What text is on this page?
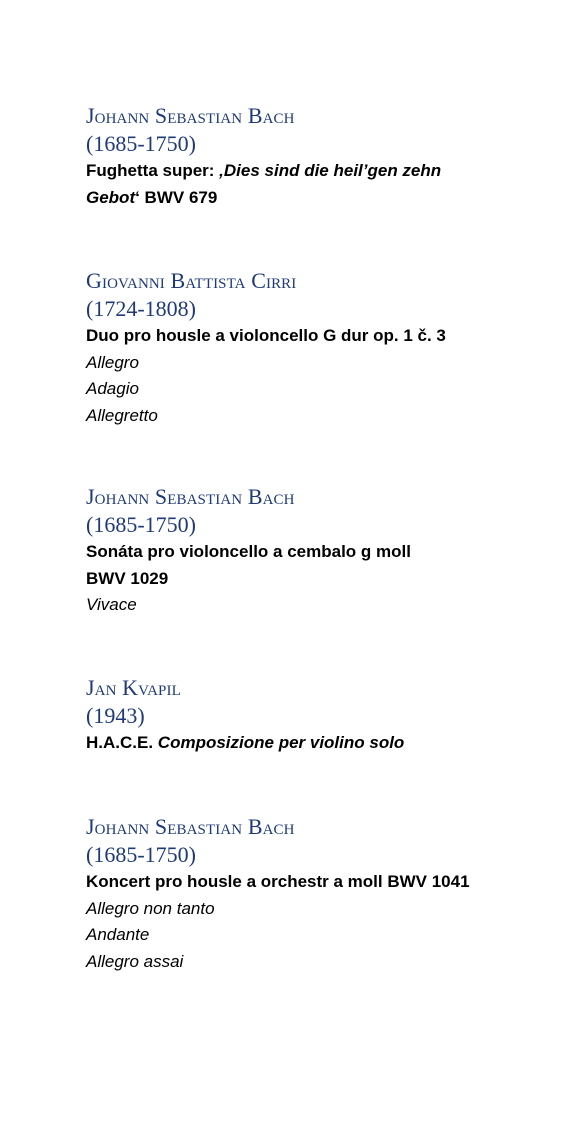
Johann Sebastian Bach

(1685-1750)

Fughetta super: ‚Dies sind die heil’gen zehn
Gebot‘ BWV 679

Giovanni Battista Cirri

(1724-1808)

Duo pro housle a violoncello G dur op. 1 č. 3

Allegro

Adagio

Allegretto

Johann Sebastian Bach

(1685-1750)

Sonáta pro violoncello a cembalo g moll
BWV 1029

Vivace

Jan Kvapil

(1943)

H.A.C.E. Composizione per violino solo

Johann Sebastian Bach

(1685-1750)

Koncert pro housle a orchestr a moll BWV 1041

Allegro non tanto

Andante

Allegro assai
